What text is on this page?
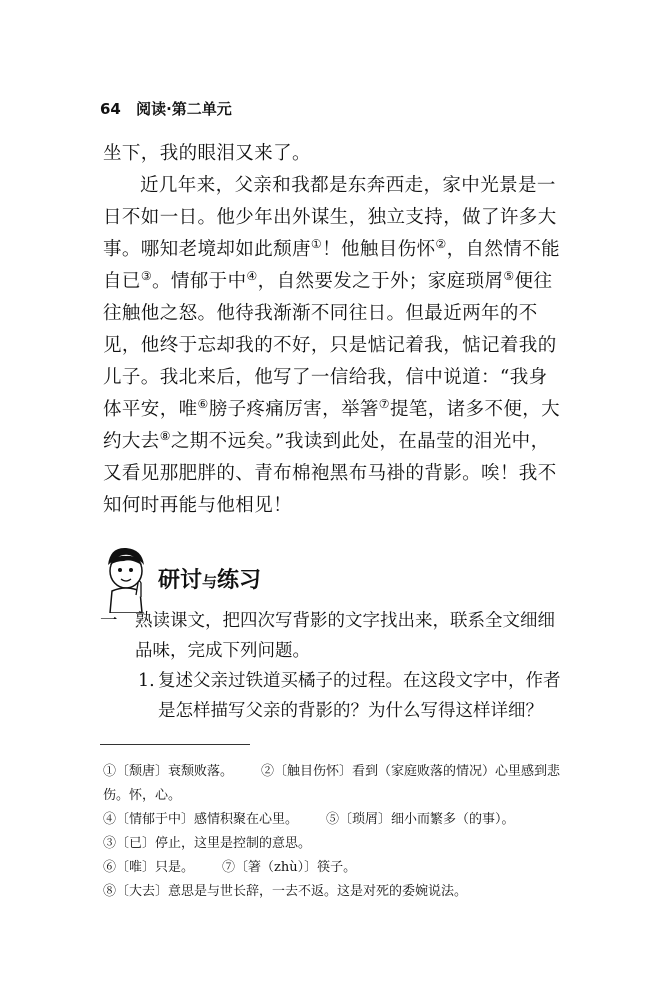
64 阅读·第二单元

坐下，我的眼泪又来了。

近几年来，父亲和我都是东奔西走，家中光景是一日不如一日。他少年出外谋生，独立支持，做了许多大事。哪知老境却如此颓唐①！他触目伤怀②，自然情不能自已③。情郁于中④，自然要发之于外；家庭琐屑⑤便往往触他之怒。他待我渐渐不同往日。但最近两年的不见，他终于忘却我的不好，只是惦记着我，惦记着我的儿子。我北来后，他写了一信给我，信中说道：“我身体平安，唯⑥膀子疼痛厉害，举箸⑦提笔，诸多不便，大约大去⑧之期不远矣。”我读到此处，在晶莹的泪光中，又看见那肥胖的、青布棉袍黑布马褂的背影。唉！我不知何时再能与他相见！

研讨与练习
一	熟读课文，把四次写背影的文字找出来，联系全文细细品味，完成下列问题。
1. 复述父亲过铁道买橘子的过程。在这段文字中，作者是怎样描写父亲的背影的？为什么写得这样详细？
①〔颓唐〕衰颓败落。 ②〔触目伤怀〕看到（家庭败落的情况）心里感到悲伤。怀，心。
④〔情郁于中〕感情积聚在心里。 ⑤〔琐屑〕细小而繁多（的事）。
③〔已〕停止，这里是控制的意思。
⑥〔唯〕只是。 ⑦〔箸（zhù）〕筷子。
⑧〔大去〕意思是与世长辞，一去不返。这是对死的委婉说法。
